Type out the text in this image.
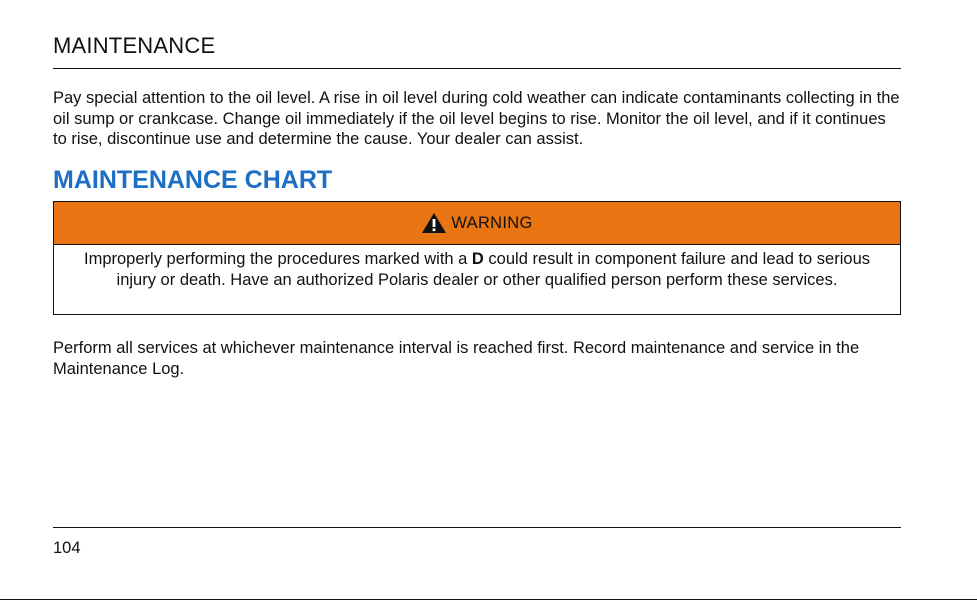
MAINTENANCE

Pay special attention to the oil level. A rise in oil level during cold weather can indicate contaminants collecting in the oil sump or crankcase. Change oil immediately if the oil level begins to rise. Monitor the oil level, and if it continues to rise, discontinue use and determine the cause. Your dealer can assist.

MAINTENANCE CHART
WARNING
Improperly performing the procedures marked with a D could result in component failure and lead to serious injury or death. Have an authorized Polaris dealer or other qualified person perform these services.

Perform all services at whichever maintenance interval is reached first. Record maintenance and service in the Maintenance Log.

104
